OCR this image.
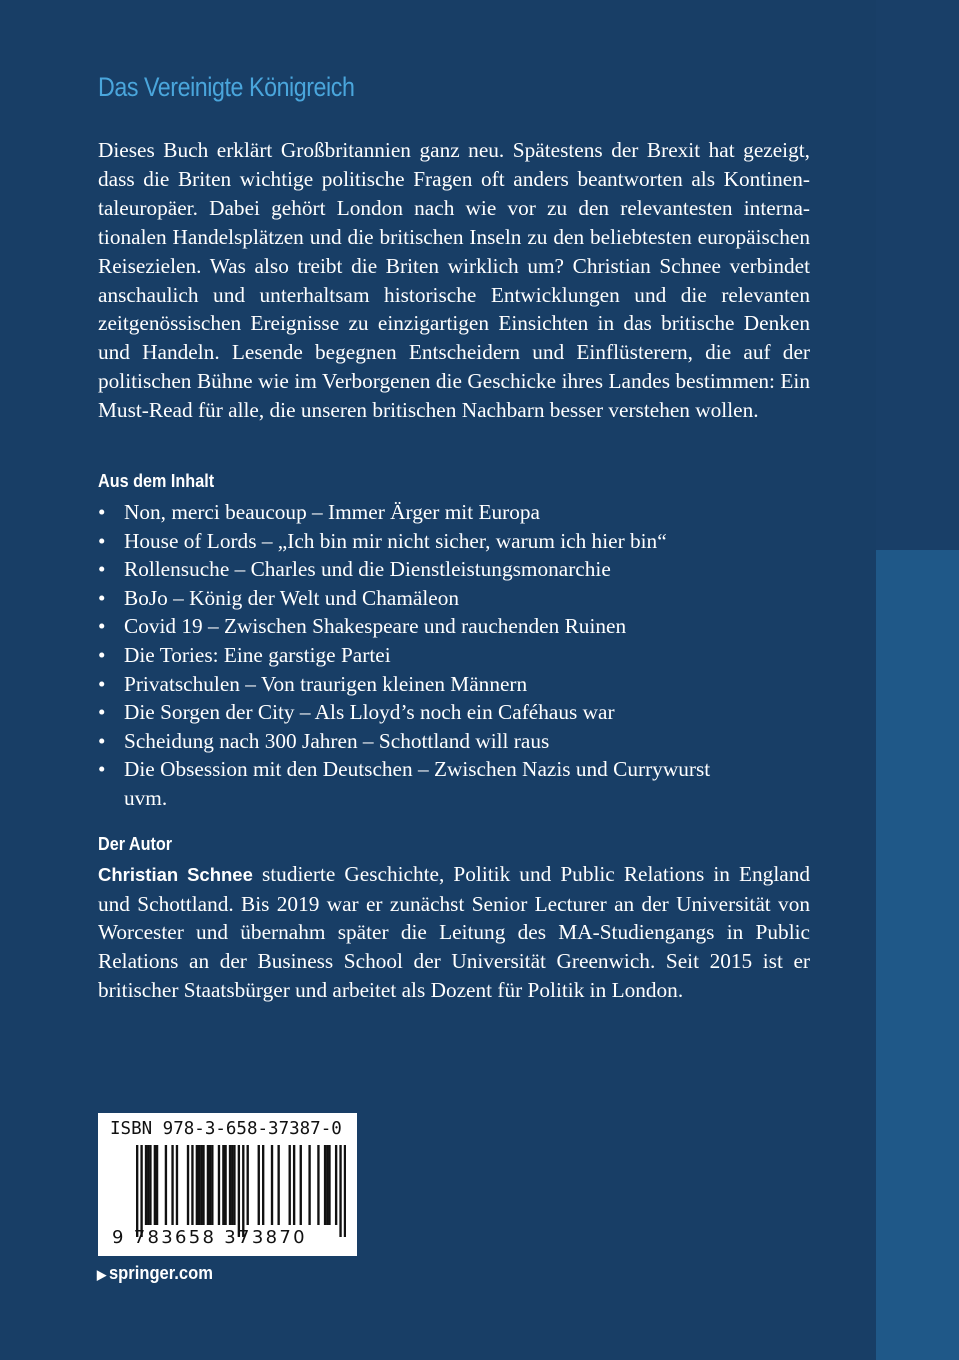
Das Vereinigte Königreich

Dieses Buch erklärt Großbritannien ganz neu. Spätestens der Brexit hat gezeigt, dass die Briten wichtige politische Fragen oft anders beantworten als Kontinentaleuropäer. Dabei gehört London nach wie vor zu den relevantesten internationalen Handelsplätzen und die britischen Inseln zu den beliebtesten europäischen Reisezielen. Was also treibt die Briten wirklich um? Christian Schnee verbindet anschaulich und unterhaltsam historische Entwicklungen und die relevanten zeitgenössischen Ereignisse zu einzigartigen Einsichten in das britische Denken und Handeln. Lesende begegnen Entscheidern und Einflüsterern, die auf der politischen Bühne wie im Verborgenen die Geschicke ihres Landes bestimmen: Ein Must-Read für alle, die unseren britischen Nachbarn besser verstehen wollen.

Aus dem Inhalt
• Non, merci beaucoup – Immer Ärger mit Europa
• House of Lords – „Ich bin mir nicht sicher, warum ich hier bin“
• Rollensuche – Charles und die Dienstleistungsmonarchie
• BoJo – König der Welt und Chamäleon
• Covid 19 – Zwischen Shakespeare und rauchenden Ruinen
• Die Tories: Eine garstige Partei
• Privatschulen – Von traurigen kleinen Männern
• Die Sorgen der City – Als Lloyd’s noch ein Caféhaus war
• Scheidung nach 300 Jahren – Schottland will raus
• Die Obsession mit den Deutschen – Zwischen Nazis und Currywurst
uvm.
Der Autor

Christian Schnee studierte Geschichte, Politik und Public Relations in England und Schottland. Bis 2019 war er zunächst Senior Lecturer an der Universität von Worcester und übernahm später die Leitung des MA-Studiengangs in Public Relations an der Business School der Universität Greenwich. Seit 2015 ist er britischer Staatsbürger und arbeitet als Dozent für Politik in London.

ISBN 978-3-658-37387-0
9 783658 373870
▶ springer.com
